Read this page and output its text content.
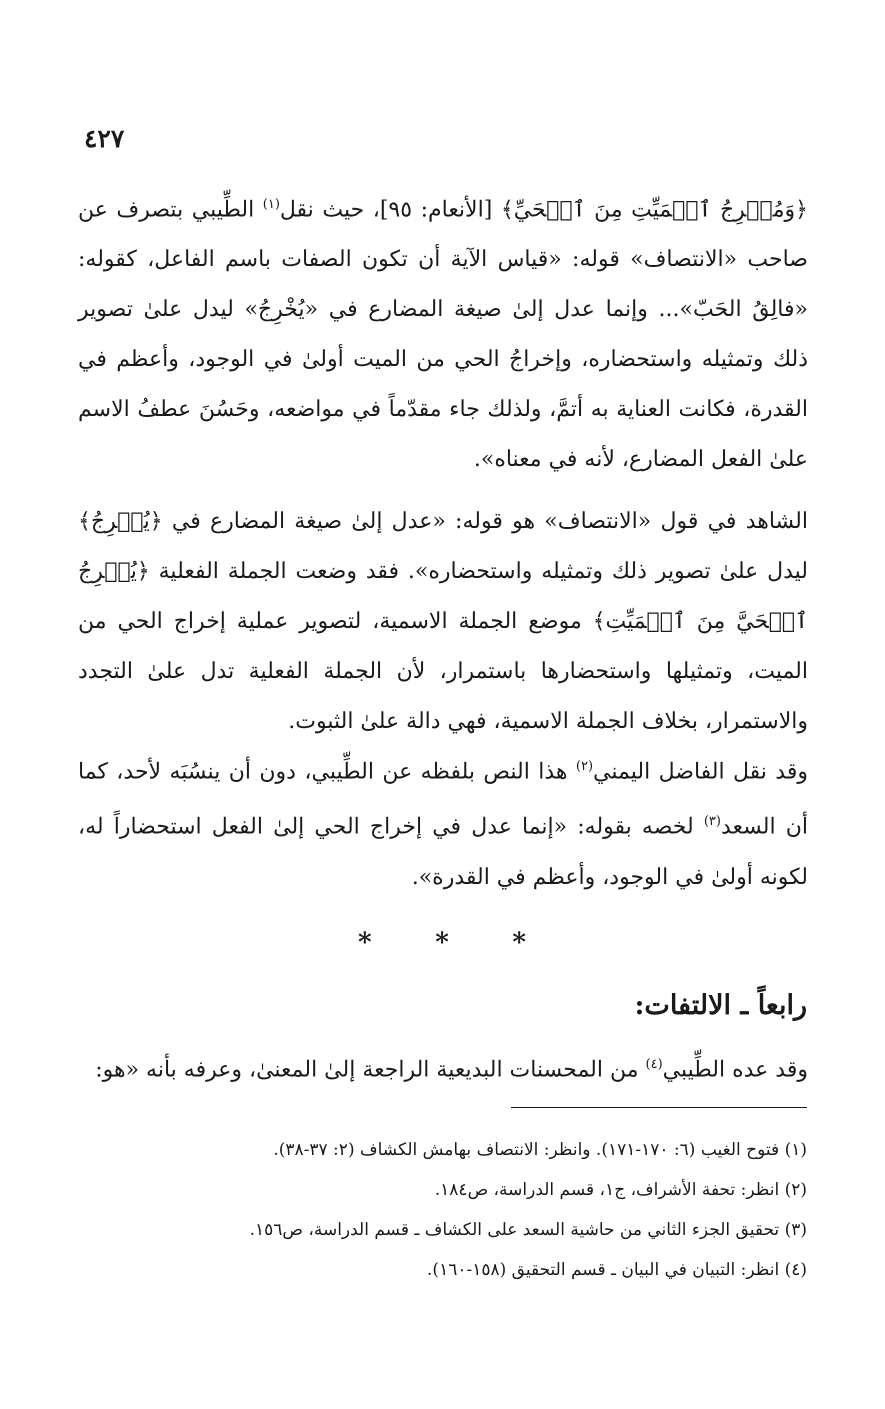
٤٢٧

﴿وَمُخۡرِجُ ٱلۡمَيِّتِ مِنَ ٱلۡحَيِّ﴾ [الأنعام: ٩٥]، حيث نقل$^{(١)}$ الطِّيبي بتصرف عن صاحب «الانتصاف» قوله: «قياس الآية أن تكون الصفات باسم الفاعل، كقوله: «فالِقُ الحَبّ»... وإنما عدل إلىٰ صيغة المضارع في «يُخْرِجُ» ليدل علىٰ تصوير ذلك وتمثيله واستحضاره، وإخراجُ الحي من الميت أولىٰ في الوجود، وأعظم في القدرة، فكانت العناية به أتمَّ، ولذلك جاء مقدّماً في مواضعه، وحَسُنَ عطفُ الاسم علىٰ الفعل المضارع، لأنه في معناه».

الشاهد في قول «الانتصاف» هو قوله: «عدل إلىٰ صيغة المضارع في ﴿يُخۡرِجُ﴾ ليدل علىٰ تصوير ذلك وتمثيله واستحضاره». فقد وضعت الجملة الفعلية ﴿يُخۡرِجُ ٱلۡحَيَّ مِنَ ٱلۡمَيِّتِ﴾ موضع الجملة الاسمية، لتصوير عملية إخراج الحي من الميت، وتمثيلها واستحضارها باستمرار، لأن الجملة الفعلية تدل علىٰ التجدد والاستمرار، بخلاف الجملة الاسمية، فهي دالة علىٰ الثبوت.

وقد نقل الفاضل اليمني$^{(٢)}$ هذا النص بلفظه عن الطِّيبي، دون أن ينسُبَه لأحد، كما أن السعد$^{(٣)}$ لخصه بقوله: «إنما عدل في إخراج الحي إلىٰ الفعل استحضاراً له، لكونه أولىٰ في الوجود، وأعظم في القدرة».

* * *
رابعاً ـ الالتفات:

وقد عده الطِّيبي$^{(٤)}$ من المحسنات البديعية الراجعة إلىٰ المعنىٰ، وعرفه بأنه «هو:

(١) فتوح الغيب (٦: ١٧٠-١٧١). وانظر: الانتصاف بهامش الكشاف (٢: ٣٧-٣٨).
(٢) انظر: تحفة الأشراف، ج١، قسم الدراسة، ص١٨٤.
(٣) تحقيق الجزء الثاني من حاشية السعد على الكشاف ـ قسم الدراسة، ص١٥٦.
(٤) انظر: التبيان في البيان ـ قسم التحقيق (١٥٨-١٦٠).
